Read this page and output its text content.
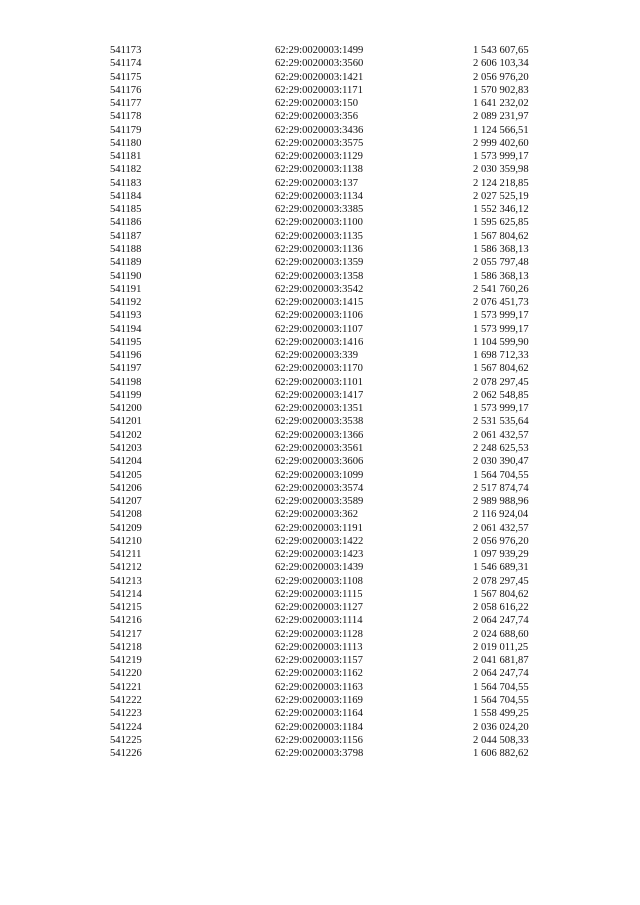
541173	62:29:0020003:1499	1 543 607,65
541174	62:29:0020003:3560	2 606 103,34
541175	62:29:0020003:1421	2 056 976,20
541176	62:29:0020003:1171	1 570 902,83
541177	62:29:0020003:150	1 641 232,02
541178	62:29:0020003:356	2 089 231,97
541179	62:29:0020003:3436	1 124 566,51
541180	62:29:0020003:3575	2 999 402,60
541181	62:29:0020003:1129	1 573 999,17
541182	62:29:0020003:1138	2 030 359,98
541183	62:29:0020003:137	2 124 218,85
541184	62:29:0020003:1134	2 027 525,19
541185	62:29:0020003:3385	1 552 346,12
541186	62:29:0020003:1100	1 595 625,85
541187	62:29:0020003:1135	1 567 804,62
541188	62:29:0020003:1136	1 586 368,13
541189	62:29:0020003:1359	2 055 797,48
541190	62:29:0020003:1358	1 586 368,13
541191	62:29:0020003:3542	2 541 760,26
541192	62:29:0020003:1415	2 076 451,73
541193	62:29:0020003:1106	1 573 999,17
541194	62:29:0020003:1107	1 573 999,17
541195	62:29:0020003:1416	1 104 599,90
541196	62:29:0020003:339	1 698 712,33
541197	62:29:0020003:1170	1 567 804,62
541198	62:29:0020003:1101	2 078 297,45
541199	62:29:0020003:1417	2 062 548,85
541200	62:29:0020003:1351	1 573 999,17
541201	62:29:0020003:3538	2 531 535,64
541202	62:29:0020003:1366	2 061 432,57
541203	62:29:0020003:3561	2 248 625,53
541204	62:29:0020003:3606	2 030 390,47
541205	62:29:0020003:1099	1 564 704,55
541206	62:29:0020003:3574	2 517 874,74
541207	62:29:0020003:3589	2 989 988,96
541208	62:29:0020003:362	2 116 924,04
541209	62:29:0020003:1191	2 061 432,57
541210	62:29:0020003:1422	2 056 976,20
541211	62:29:0020003:1423	1 097 939,29
541212	62:29:0020003:1439	1 546 689,31
541213	62:29:0020003:1108	2 078 297,45
541214	62:29:0020003:1115	1 567 804,62
541215	62:29:0020003:1127	2 058 616,22
541216	62:29:0020003:1114	2 064 247,74
541217	62:29:0020003:1128	2 024 688,60
541218	62:29:0020003:1113	2 019 011,25
541219	62:29:0020003:1157	2 041 681,87
541220	62:29:0020003:1162	2 064 247,74
541221	62:29:0020003:1163	1 564 704,55
541222	62:29:0020003:1169	1 564 704,55
541223	62:29:0020003:1164	1 558 499,25
541224	62:29:0020003:1184	2 036 024,20
541225	62:29:0020003:1156	2 044 508,33
541226	62:29:0020003:3798	1 606 882,62
